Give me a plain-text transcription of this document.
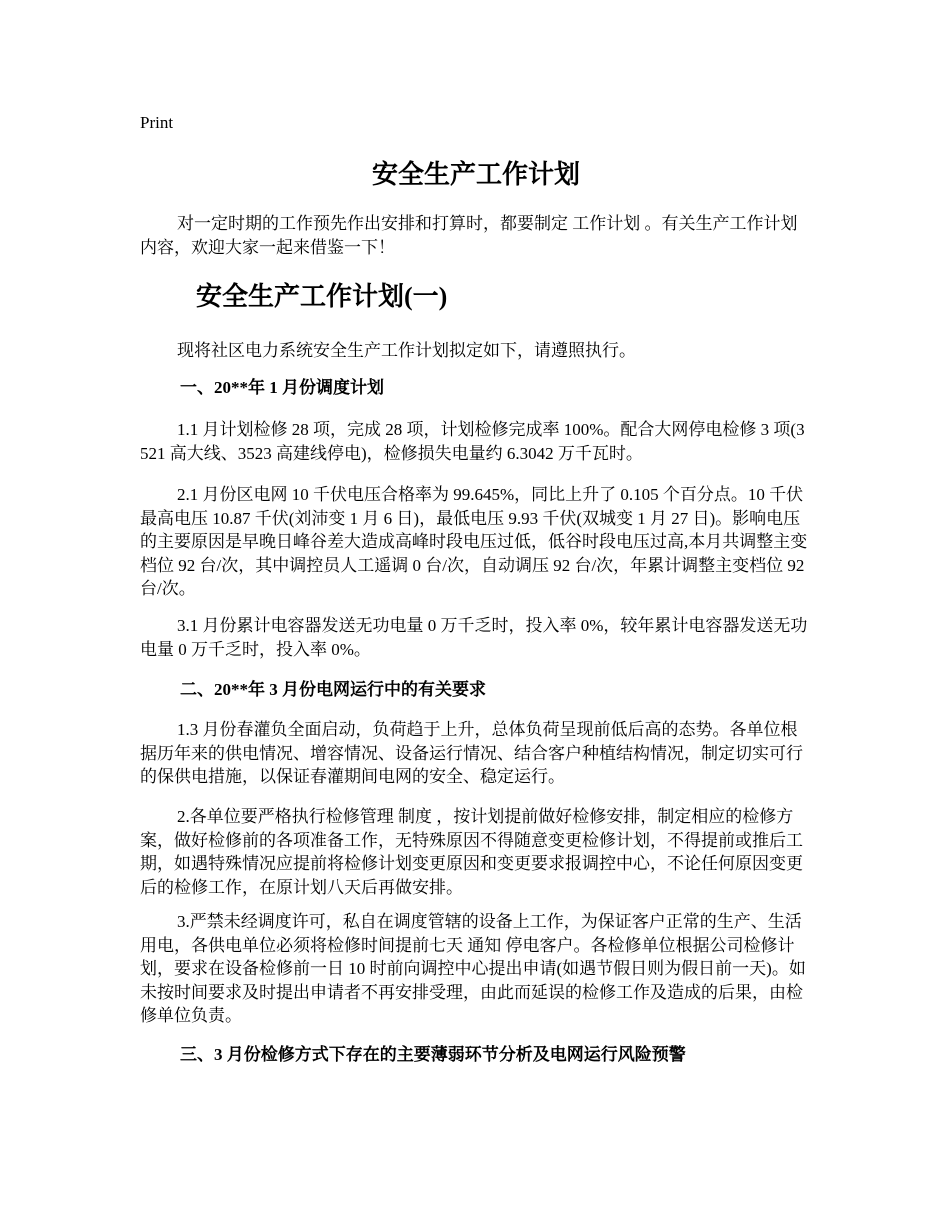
Print
安全生产工作计划

对一定时期的工作预先作出安排和打算时，都要制定 工作计划 。有关生产工作计划内容，欢迎大家一起来借鉴一下！

安全生产工作计划(一)

现将社区电力系统安全生产工作计划拟定如下，请遵照执行。

一、20**年 1 月份调度计划

1.1 月计划检修 28 项，完成 28 项，计划检修完成率 100%。配合大网停电检修 3 项(3521 高大线、3523 高建线停电)，检修损失电量约 6.3042 万千瓦时。

2.1 月份区电网 10 千伏电压合格率为 99.645%，同比上升了 0.105 个百分点。10 千伏最高电压 10.87 千伏(刘沛变 1 月 6 日)，最低电压 9.93 千伏(双城变 1 月 27 日)。影响电压的主要原因是早晚日峰谷差大造成高峰时段电压过低，低谷时段电压过高,本月共调整主变档位 92 台/次，其中调控员人工遥调 0 台/次，自动调压 92 台/次，年累计调整主变档位 92 台/次。

3.1 月份累计电容器发送无功电量 0 万千乏时，投入率 0%，较年累计电容器发送无功电量 0 万千乏时，投入率 0%。

二、20**年 3 月份电网运行中的有关要求

1.3 月份春灌负全面启动，负荷趋于上升，总体负荷呈现前低后高的态势。各单位根据历年来的供电情况、增容情况、设备运行情况、结合客户种植结构情况，制定切实可行的保供电措施，以保证春灌期间电网的安全、稳定运行。

2.各单位要严格执行检修管理 制度 ，按计划提前做好检修安排，制定相应的检修方案，做好检修前的各项准备工作，无特殊原因不得随意变更检修计划，不得提前或推后工期，如遇特殊情况应提前将检修计划变更原因和变更要求报调控中心，不论任何原因变更后的检修工作，在原计划八天后再做安排。

3.严禁未经调度许可，私自在调度管辖的设备上工作，为保证客户正常的生产、生活用电，各供电单位必须将检修时间提前七天 通知 停电客户。各检修单位根据公司检修计划，要求在设备检修前一日 10 时前向调控中心提出申请(如遇节假日则为假日前一天)。如未按时间要求及时提出申请者不再安排受理，由此而延误的检修工作及造成的后果，由检修单位负责。

三、3 月份检修方式下存在的主要薄弱环节分析及电网运行风险预警
